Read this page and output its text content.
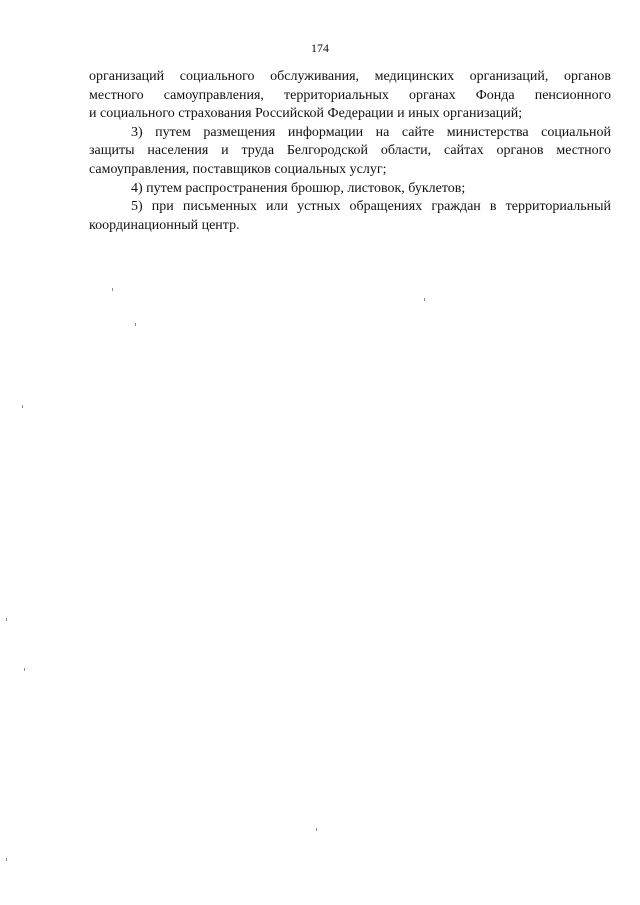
174
организаций социального обслуживания, медицинских организаций, органов
местного самоуправления, территориальных органах Фонда пенсионного
и социального страхования Российской Федерации и иных организаций;
3) путем размещения информации на сайте министерства социальной
защиты населения и труда Белгородской области, сайтах органов местного
самоуправления, поставщиков социальных услуг;
4) путем распространения брошюр, листовок, буклетов;
5) при письменных или устных обращениях граждан в территориальный
координационный центр.
